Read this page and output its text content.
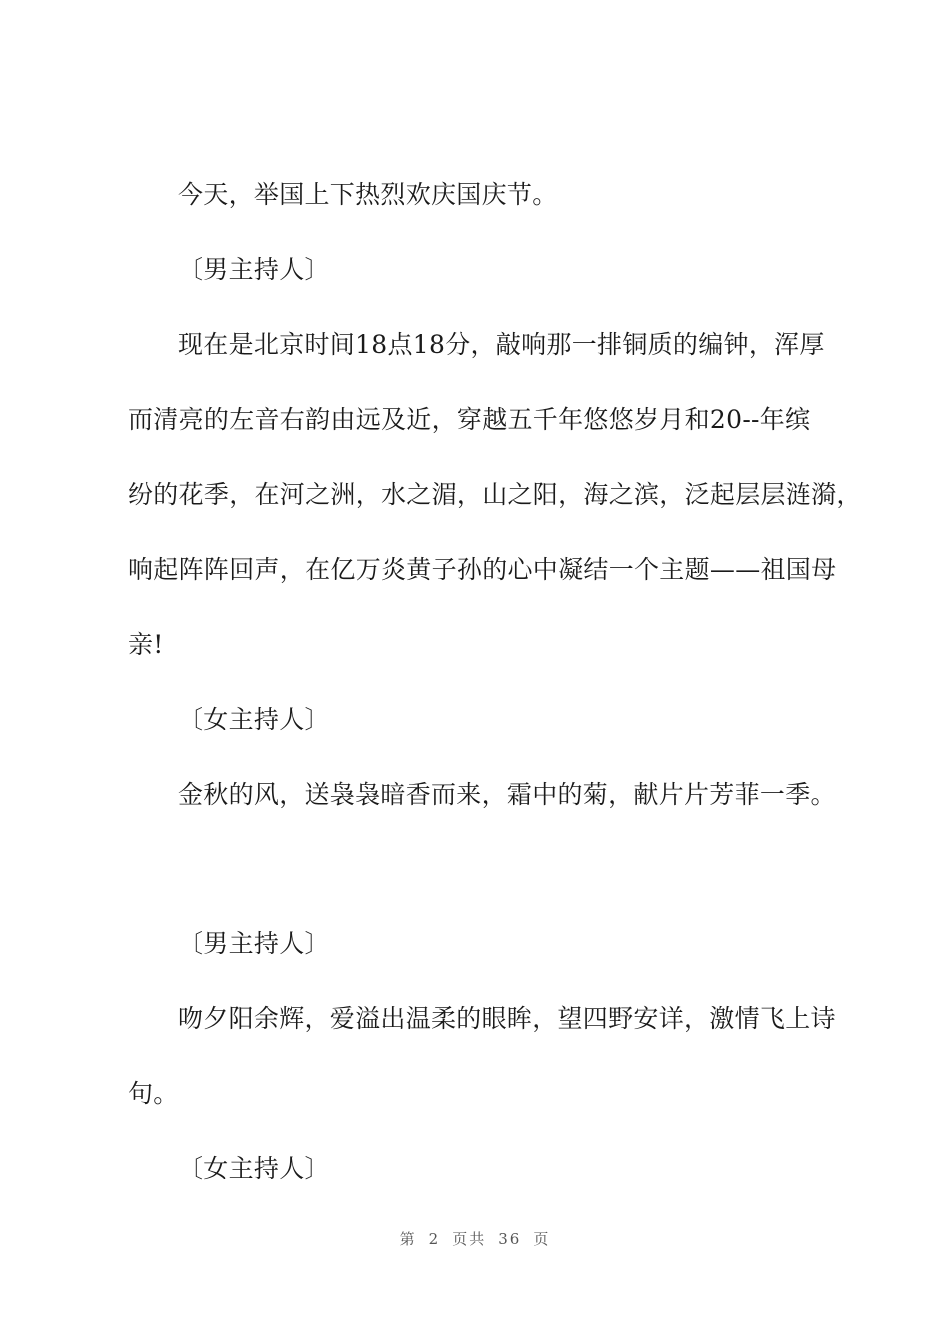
今天，举国上下热烈欢庆国庆节。
〔男主持人〕
现在是北京时间18点18分，敲响那一排铜质的编钟，浑厚
而清亮的左音右韵由远及近，穿越五千年悠悠岁月和20--年缤
纷的花季，在河之洲，水之湄，山之阳，海之滨，泛起层层涟漪，
响起阵阵回声，在亿万炎黄子孙的心中凝结一个主题——祖国母
亲!
〔女主持人〕
金秋的风，送袅袅暗香而来，霜中的菊，献片片芳菲一季。
〔男主持人〕
吻夕阳余辉，爱溢出温柔的眼眸，望四野安详，激情飞上诗
句。
〔女主持人〕
第 2 页共 36 页
